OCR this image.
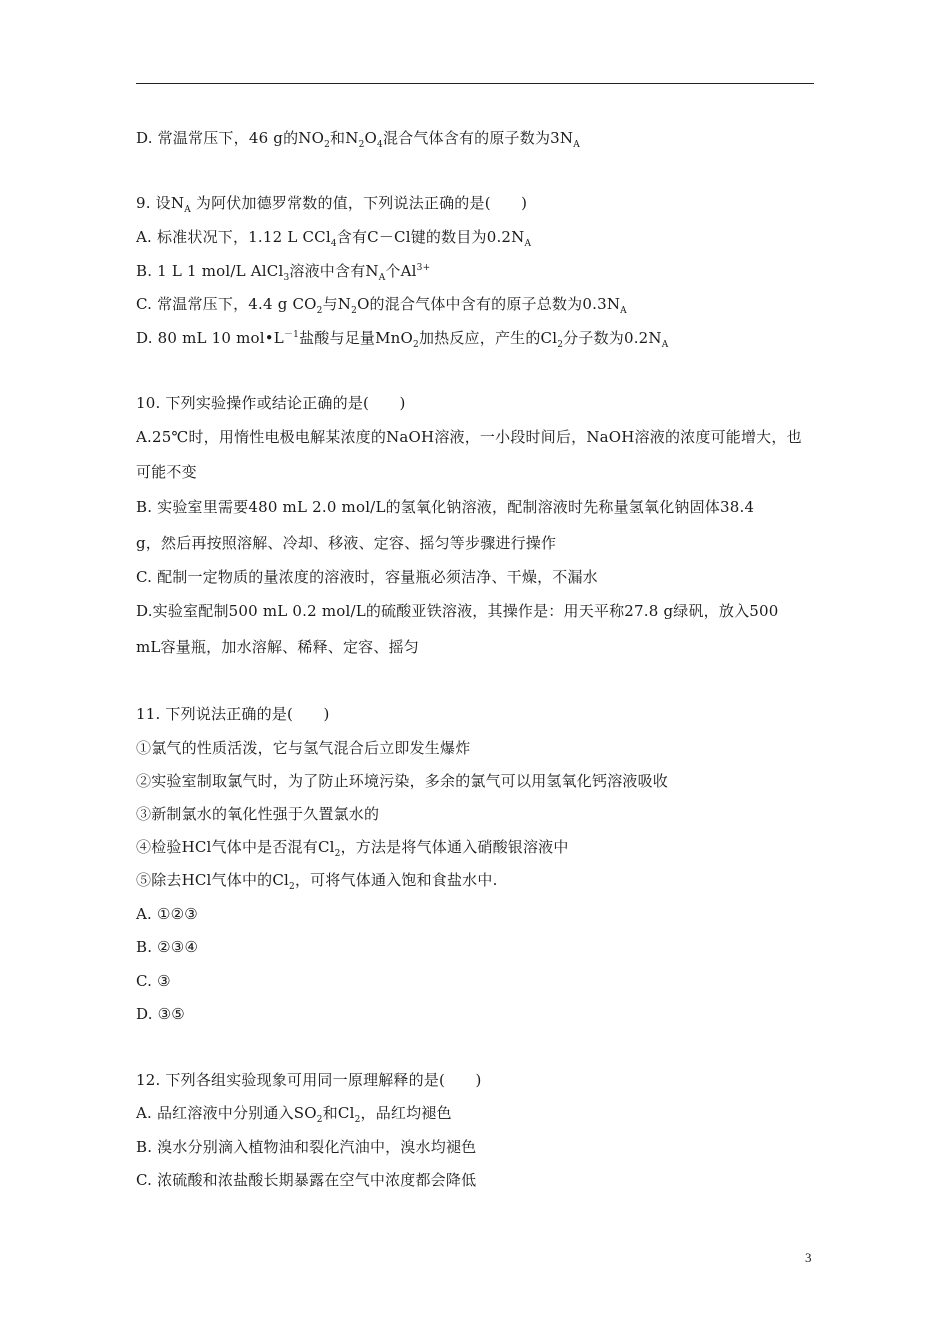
D. 常温常压下，46 g的$NO_2$和$N_2O_4$混合气体含有的原子数为$3N_A$
9. 设$N_A$ 为阿伏加德罗常数的值，下列说法正确的是(　　)
A. 标准状况下，1.12 L CCl$_4$含有C－Cl键的数目为$0.2N_A$
B. 1 L 1 mol/L AlCl$_3$溶液中含有$N_A$个$Al^{3+}$
C. 常温常压下，4.4 g $CO_2$与$N_2O$的混合气体中含有的原子总数为$0.3N_A$
D. 80 mL 10 $mol•L^{-1}$盐酸与足量MnO$_2$加热反应，产生的$Cl_2$分子数为$0.2N_A$
10. 下列实验操作或结论正确的是(　　)
A.25℃时，用惰性电极电解某浓度的NaOH溶液，一小段时间后，NaOH溶液的浓度可能增大，也
可能不变
B. 实验室里需要480 mL 2.0 mol/L的氢氧化钠溶液，配制溶液时先称量氢氧化钠固体38.4
g，然后再按照溶解、冷却、移液、定容、摇匀等步骤进行操作
C. 配制一定物质的量浓度的溶液时，容量瓶必须洁净、干燥，不漏水
D.实验室配制500 mL 0.2 mol/L的硫酸亚铁溶液，其操作是：用天平称27.8 g绿矾，放入500
mL容量瓶，加水溶解、稀释、定容、摇匀
11. 下列说法正确的是(　　)
①氯气的性质活泼，它与氢气混合后立即发生爆炸
②实验室制取氯气时，为了防止环境污染，多余的氯气可以用氢氧化钙溶液吸收
③新制氯水的氧化性强于久置氯水的
④检验HCl气体中是否混有$Cl_2$，方法是将气体通入硝酸银溶液中
⑤除去HCl气体中的$Cl_2$，可将气体通入饱和食盐水中.
A. ①②③
B. ②③④
C. ③
D. ③⑤
12. 下列各组实验现象可用同一原理解释的是(　　)
A. 品红溶液中分别通入$SO_2$和$Cl_2$，品红均褪色
B. 溴水分别滴入植物油和裂化汽油中，溴水均褪色
C. 浓硫酸和浓盐酸长期暴露在空气中浓度都会降低
3
